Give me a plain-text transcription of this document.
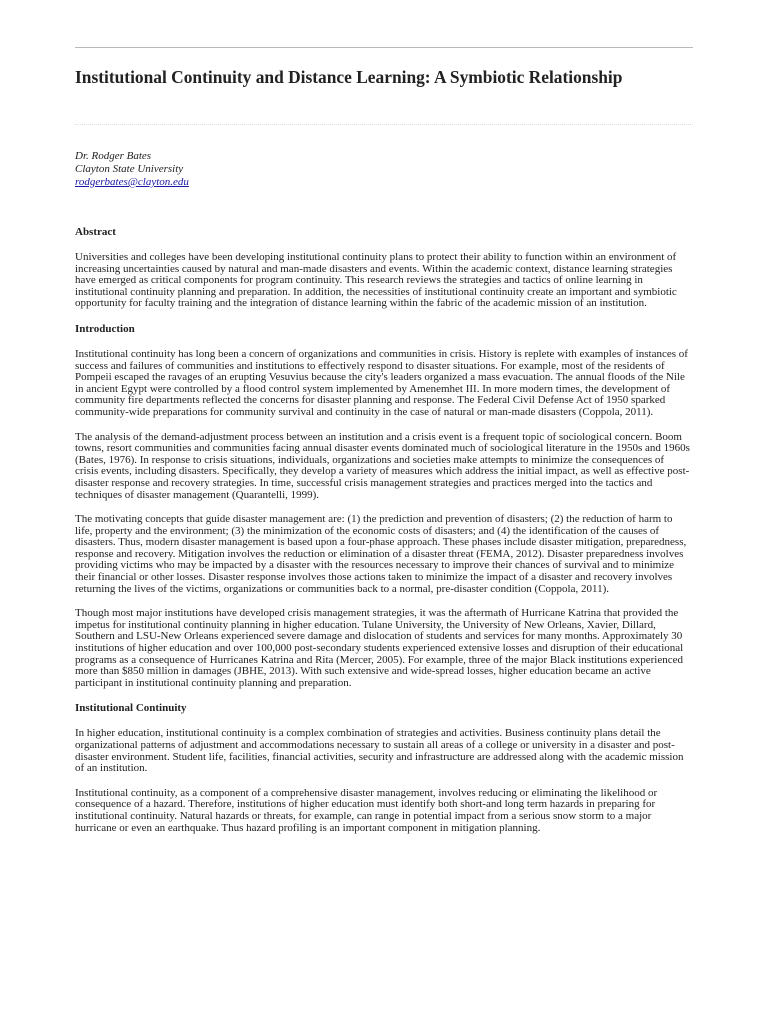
Institutional Continuity and Distance Learning: A Symbiotic Relationship
Dr. Rodger Bates
Clayton State University
rodgerbates@clayton.edu
Abstract

Universities and colleges have been developing institutional continuity plans to protect their ability to function within an environment of increasing uncertainties caused by natural and man-made disasters and events. Within the academic context, distance learning strategies have emerged as critical components for program continuity. This research reviews the strategies and tactics of online learning in institutional continuity planning and preparation. In addition, the necessities of institutional continuity create an important and symbiotic opportunity for faculty training and the integration of distance learning within the fabric of the academic mission of an institution.

Introduction

Institutional continuity has long been a concern of organizations and communities in crisis. History is replete with examples of instances of success and failures of communities and institutions to effectively respond to disaster situations. For example, most of the residents of Pompeii escaped the ravages of an erupting Vesuvius because the city's leaders organized a mass evacuation. The annual floods of the Nile in ancient Egypt were controlled by a flood control system implemented by Amenemhet III. In more modern times, the development of community fire departments reflected the concerns for disaster planning and response. The Federal Civil Defense Act of 1950 sparked community-wide preparations for community survival and continuity in the case of natural or man-made disasters (Coppola, 2011).

The analysis of the demand-adjustment process between an institution and a crisis event is a frequent topic of sociological concern. Boom towns, resort communities and communities facing annual disaster events dominated much of sociological literature in the 1950s and 1960s (Bates, 1976). In response to crisis situations, individuals, organizations and societies make attempts to minimize the consequences of crisis events, including disasters. Specifically, they develop a variety of measures which address the initial impact, as well as effective post-disaster response and recovery strategies. In time, successful crisis management strategies and practices merged into the tactics and techniques of disaster management (Quarantelli, 1999).

The motivating concepts that guide disaster management are: (1) the prediction and prevention of disasters; (2) the reduction of harm to life, property and the environment; (3) the minimization of the economic costs of disasters; and (4) the identification of the causes of disasters. Thus, modern disaster management is based upon a four-phase approach. These phases include disaster mitigation, preparedness, response and recovery. Mitigation involves the reduction or elimination of a disaster threat (FEMA, 2012). Disaster preparedness involves providing victims who may be impacted by a disaster with the resources necessary to improve their chances of survival and to minimize their financial or other losses. Disaster response involves those actions taken to minimize the impact of a disaster and recovery involves returning the lives of the victims, organizations or communities back to a normal, pre-disaster condition (Coppola, 2011).

Though most major institutions have developed crisis management strategies, it was the aftermath of Hurricane Katrina that provided the impetus for institutional continuity planning in higher education. Tulane University, the University of New Orleans, Xavier, Dillard, Southern and LSU-New Orleans experienced severe damage and dislocation of students and services for many months. Approximately 30 institutions of higher education and over 100,000 post-secondary students experienced extensive losses and disruption of their educational programs as a consequence of Hurricanes Katrina and Rita (Mercer, 2005). For example, three of the major Black institutions experienced more than $850 million in damages (JBHE, 2013). With such extensive and wide-spread losses, higher education became an active participant in institutional continuity planning and preparation.

Institutional Continuity

In higher education, institutional continuity is a complex combination of strategies and activities. Business continuity plans detail the organizational patterns of adjustment and accommodations necessary to sustain all areas of a college or university in a disaster and post-disaster environment. Student life, facilities, financial activities, security and infrastructure are addressed along with the academic mission of an institution.

Institutional continuity, as a component of a comprehensive disaster management, involves reducing or eliminating the likelihood or consequence of a hazard. Therefore, institutions of higher education must identify both short-and long term hazards in preparing for institutional continuity. Natural hazards or threats, for example, can range in potential impact from a serious snow storm to a major hurricane or even an earthquake. Thus hazard profiling is an important component in mitigation planning.
